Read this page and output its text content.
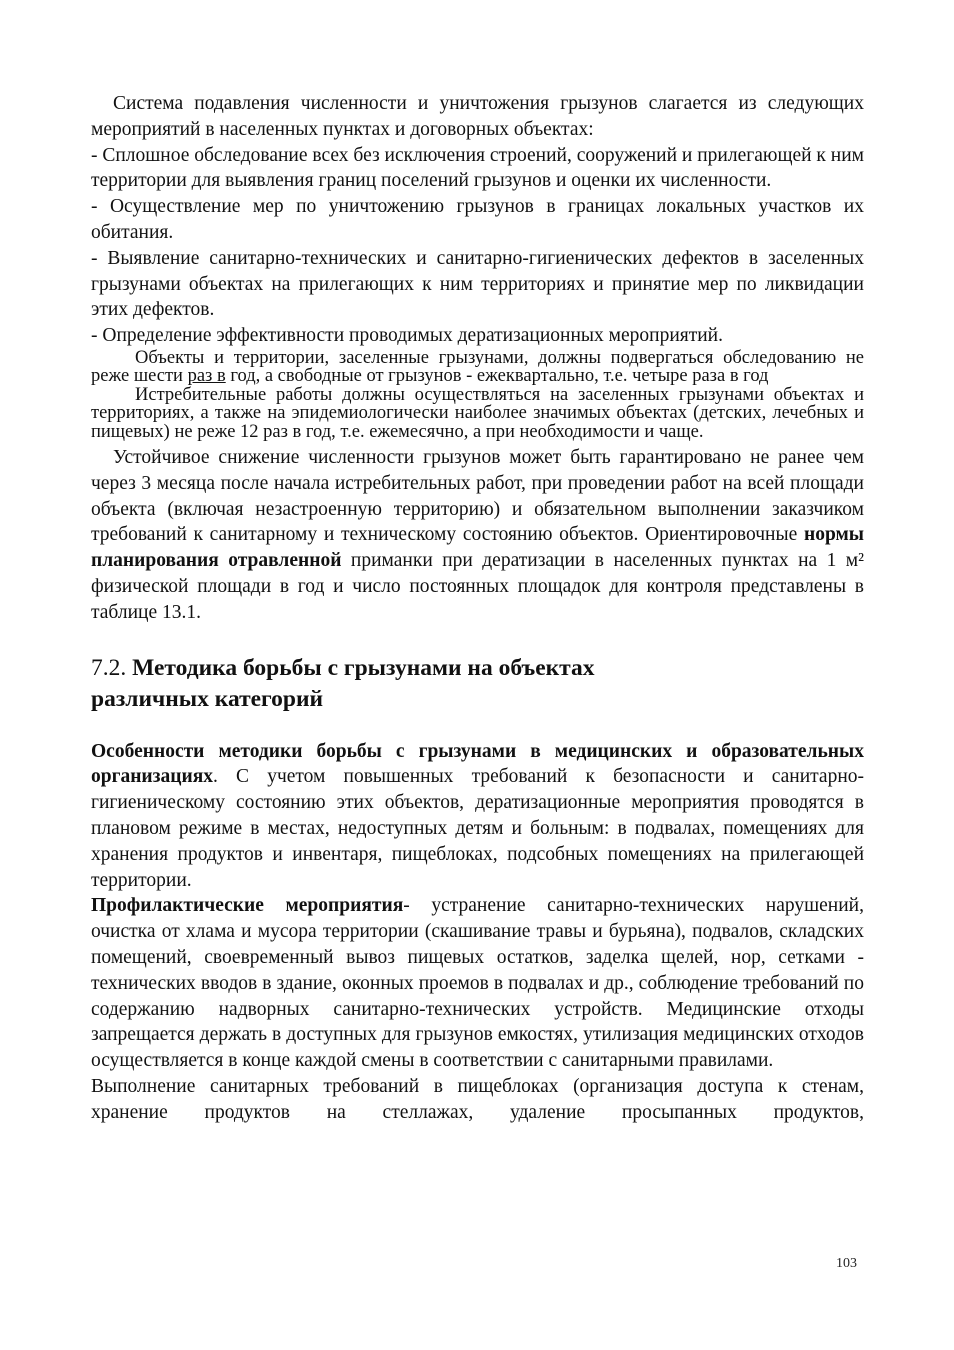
Система подавления численности и уничтожения грызунов слагается из следующих мероприятий в населенных пунктах и договорных объектах:

- Сплошное обследование всех без исключения строений, сооружений и прилегающей к ним территории для выявления границ поселений грызунов и оценки их численности.

- Осуществление мер по уничтожению грызунов в границах локальных участков их обитания.

- Выявление санитарно-технических и санитарно-гигиенических дефектов в заселенных грызунами объектах на прилегающих к ним территориях и принятие мер по ликвидации этих дефектов.

- Определение эффективности проводимых дератизационных мероприятий.

Объекты и территории, заселенные грызунами, должны подвергаться обследованию не реже шести раз в год, а свободные от грызунов - ежеквартально, т.е. четыре раза в год

Истребительные работы должны осуществляться на заселенных грызунами объектах и территориях, а также на эпидемиологически наиболее значимых объектах (детских, лечебных и пищевых) не реже 12 раз в год, т.е. ежемесячно, а при необходимости и чаще.

Устойчивое снижение численности грызунов может быть гарантировано не ранее чем через 3 месяца после начала истребительных работ, при проведении работ на всей площади объекта (включая незастроенную территорию) и обязательном выполнении заказчиком требований к санитарному и техническому состоянию объектов. Ориентировочные нормы планирования отравленной приманки при дератизации в населенных пунктах на 1 м² физической площади в год и число постоянных площадок для контроля представлены в таблице 13.1.

7.2. Методика борьбы с грызунами на объектах
различных категорий

Особенности методики борьбы с грызунами в медицинских и образовательных организациях. С учетом повышенных требований к безопасности и санитарно-гигиеническому состоянию этих объектов, дератизационные мероприятия проводятся в плановом режиме в местах, недоступных детям и больным: в подвалах, помещениях для хранения продуктов и инвентаря, пищеблоках, подсобных помещениях на прилегающей территории.

Профилактические мероприятия- устранение санитарно-технических нарушений, очистка от хлама и мусора территории (скашивание травы и бурьяна), подвалов, складских помещений, своевременный вывоз пищевых остатков, заделка щелей, нор, сетками - технических вводов в здание, оконных проемов в подвалах и др., соблюдение требований по содержанию надворных санитарно-технических устройств. Медицинские отходы запрещается держать в доступных для грызунов емкостях, утилизация медицинских отходов осуществляется в конце каждой смены в соответствии с санитарными правилами.

Выполнение санитарных требований в пищеблоках (организация доступа к стенам, хранение продуктов на стеллажах, удаление просыпанных продуктов,

103
